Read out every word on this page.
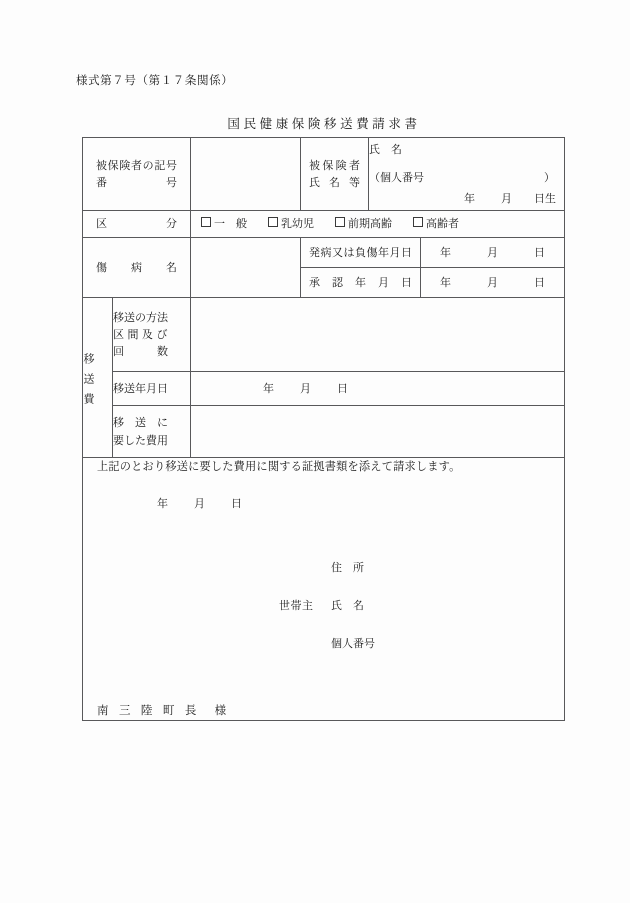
様式第７号（第１７条関係）
国民健康保険移送費請求書
被保険者の記号番号			被保険者氏名等	氏　名
（個人番号 ）
年 月 日生	

区　　　分		一　般 乳幼児 前期高齢 高齢者			

傷　病　名			発病又は負傷年月日		年 月 日

			承　認　年　月　日		年 月 日

移送費	移送の方法
区 間 及 び
回　　　数				

	移送年月日	年 月 日			

	移　送　に
要した費用				

上記のとおり移送に要した費用に関する証拠書類を添えて請求します。
年 月 日
住　所
世帯主	氏　名
個人番号
南 三 陸 町 長　様
